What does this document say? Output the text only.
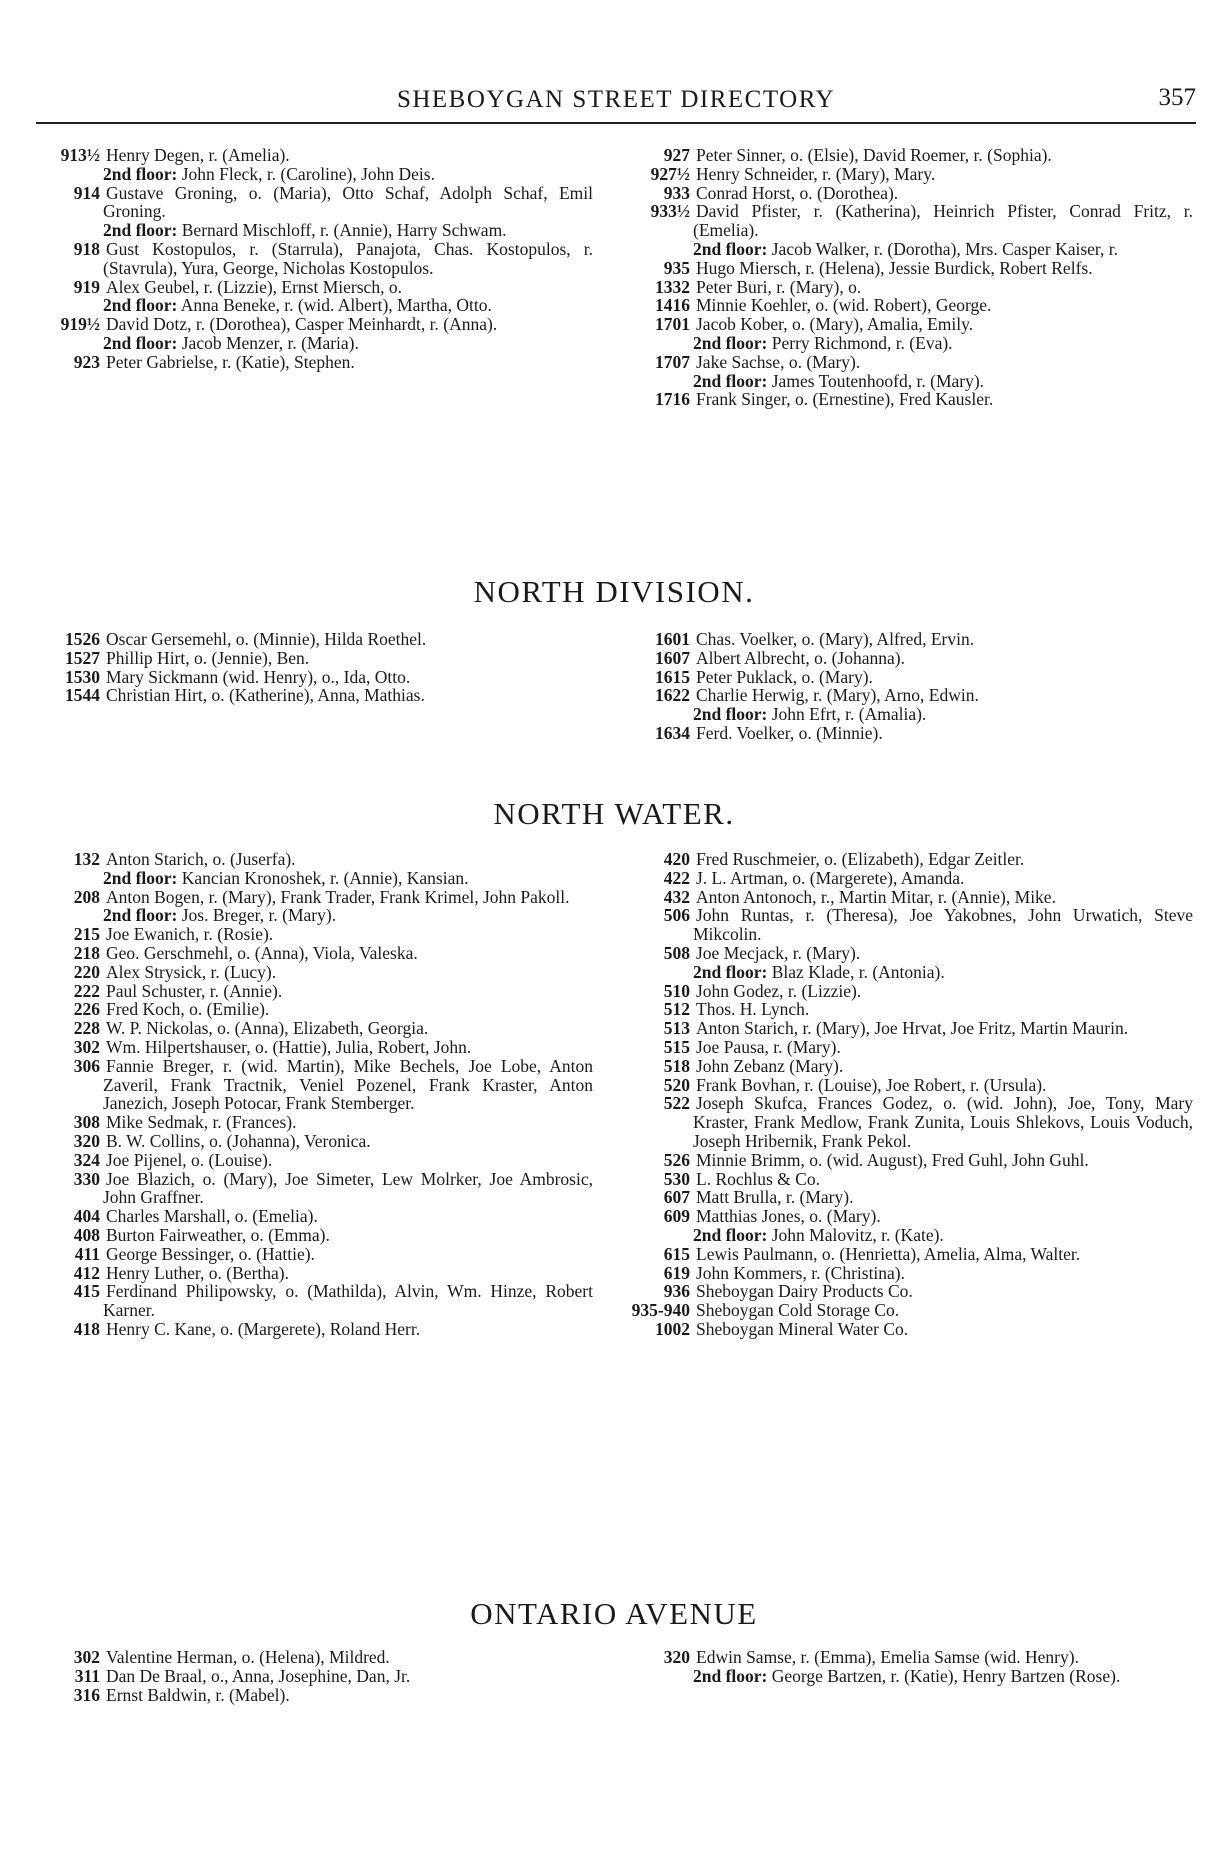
SHEBOYGAN STREET DIRECTORY	357
913½ Henry Degen, r. (Amelia).
2nd floor: John Fleck, r. (Caroline), John Deis.
914 Gustave Groning, o. (Maria), Otto Schaf, Adolph Schaf, Emil Groning.
2nd floor: Bernard Mischloff, r. (Annie), Harry Schwam.
918 Gust Kostopulos, r. (Starrula), Panajota, Chas. Kostopulos, r. (Stavrula), Yura, George, Nicholas Kostopulos.
919 Alex Geubel, r. (Lizzie), Ernst Miersch, o.
2nd floor: Anna Beneke, r. (wid. Albert), Martha, Otto.
919½ David Dotz, r. (Dorothea), Casper Meinhardt, r. (Anna).
2nd floor: Jacob Menzer, r. (Maria).
923 Peter Gabrielse, r. (Katie), Stephen.
927 Peter Sinner, o. (Elsie), David Roemer, r. (Sophia).
927½ Henry Schneider, r. (Mary), Mary.
933 Conrad Horst, o. (Dorothea).
933½ David Pfister, r. (Katherina), Heinrich Pfister, Conrad Fritz, r. (Emelia).
2nd floor: Jacob Walker, r. (Dorotha), Mrs. Casper Kaiser, r.
935 Hugo Miersch, r. (Helena), Jessie Burdick, Robert Relfs.
1332 Peter Buri, r. (Mary), o.
1416 Minnie Koehler, o. (wid. Robert), George.
1701 Jacob Kober, o. (Mary), Amalia, Emily.
2nd floor: Perry Richmond, r. (Eva).
1707 Jake Sachse, o. (Mary).
2nd floor: James Toutenhoofd, r. (Mary).
1716 Frank Singer, o. (Ernestine), Fred Kausler.
NORTH DIVISION.
1526 Oscar Gersemehl, o. (Minnie), Hilda Roethel.
1527 Phillip Hirt, o. (Jennie), Ben.
1530 Mary Sickmann (wid. Henry), o., Ida, Otto.
1544 Christian Hirt, o. (Katherine), Anna, Mathias.
1601 Chas. Voelker, o. (Mary), Alfred, Ervin.
1607 Albert Albrecht, o. (Johanna).
1615 Peter Puklack, o. (Mary).
1622 Charlie Herwig, r. (Mary), Arno, Edwin.
2nd floor: John Efrt, r. (Amalia).
1634 Ferd. Voelker, o. (Minnie).
NORTH WATER.
132 Anton Starich, o. (Juserfa).
2nd floor: Kancian Kronoshek, r. (Annie), Kansian.
208 Anton Bogen, r. (Mary), Frank Trader, Frank Krimel, John Pakoll.
2nd floor: Jos. Breger, r. (Mary).
215 Joe Ewanich, r. (Rosie).
218 Geo. Gerschmehl, o. (Anna), Viola, Valeska.
220 Alex Strysick, r. (Lucy).
222 Paul Schuster, r. (Annie).
226 Fred Koch, o. (Emilie).
228 W. P. Nickolas, o. (Anna), Elizabeth, Georgia.
302 Wm. Hilpertshauser, o. (Hattie), Julia, Robert, John.
306 Fannie Breger, r. (wid. Martin), Mike Bechels, Joe Lobe, Anton Zaveril, Frank Tractnik, Veniel Pozenel, Frank Kraster, Anton Janezich, Joseph Potocar, Frank Stemberger.
308 Mike Sedmak, r. (Frances).
320 B. W. Collins, o. (Johanna), Veronica.
324 Joe Pijenel, o. (Louise).
330 Joe Blazich, o. (Mary), Joe Simeter, Lew Molrker, Joe Ambrosic, John Graffner.
404 Charles Marshall, o. (Emelia).
408 Burton Fairweather, o. (Emma).
411 George Bessinger, o. (Hattie).
412 Henry Luther, o. (Bertha).
415 Ferdinand Philipowsky, o. (Mathilda), Alvin, Wm. Hinze, Robert Karner.
418 Henry C. Kane, o. (Margerete), Roland Herr.
420 Fred Ruschmeier, o. (Elizabeth), Edgar Zeitler.
422 J. L. Artman, o. (Margerete), Amanda.
432 Anton Antonoch, r., Martin Mitar, r. (Annie), Mike.
506 John Runtas, r. (Theresa), Joe Yakobnes, John Urwatich, Steve Mikcolin.
508 Joe Mecjack, r. (Mary).
2nd floor: Blaz Klade, r. (Antonia).
510 John Godez, r. (Lizzie).
512 Thos. H. Lynch.
513 Anton Starich, r. (Mary), Joe Hrvat, Joe Fritz, Martin Maurin.
515 Joe Pausa, r. (Mary).
518 John Zebanz (Mary).
520 Frank Bovhan, r. (Louise), Joe Robert, r. (Ursula).
522 Joseph Skufca, Frances Godez, o. (wid. John), Joe, Tony, Mary Kraster, Frank Medlow, Frank Zunita, Louis Shlekovs, Louis Voduch, Joseph Hribernik, Frank Pekol.
526 Minnie Brimm, o. (wid. August), Fred Guhl, John Guhl.
530 L. Rochlus & Co.
607 Matt Brulla, r. (Mary).
609 Matthias Jones, o. (Mary).
2nd floor: John Malovitz, r. (Kate).
615 Lewis Paulmann, o. (Henrietta), Amelia, Alma, Walter.
619 John Kommers, r. (Christina).
936 Sheboygan Dairy Products Co.
935-940 Sheboygan Cold Storage Co.
1002 Sheboygan Mineral Water Co.
ONTARIO AVENUE
302 Valentine Herman, o. (Helena), Mildred.
311 Dan De Braal, o., Anna, Josephine, Dan, Jr.
316 Ernst Baldwin, r. (Mabel).
320 Edwin Samse, r. (Emma), Emelia Samse (wid. Henry).
2nd floor: George Bartzen, r. (Katie), Henry Bartzen (Rose).
